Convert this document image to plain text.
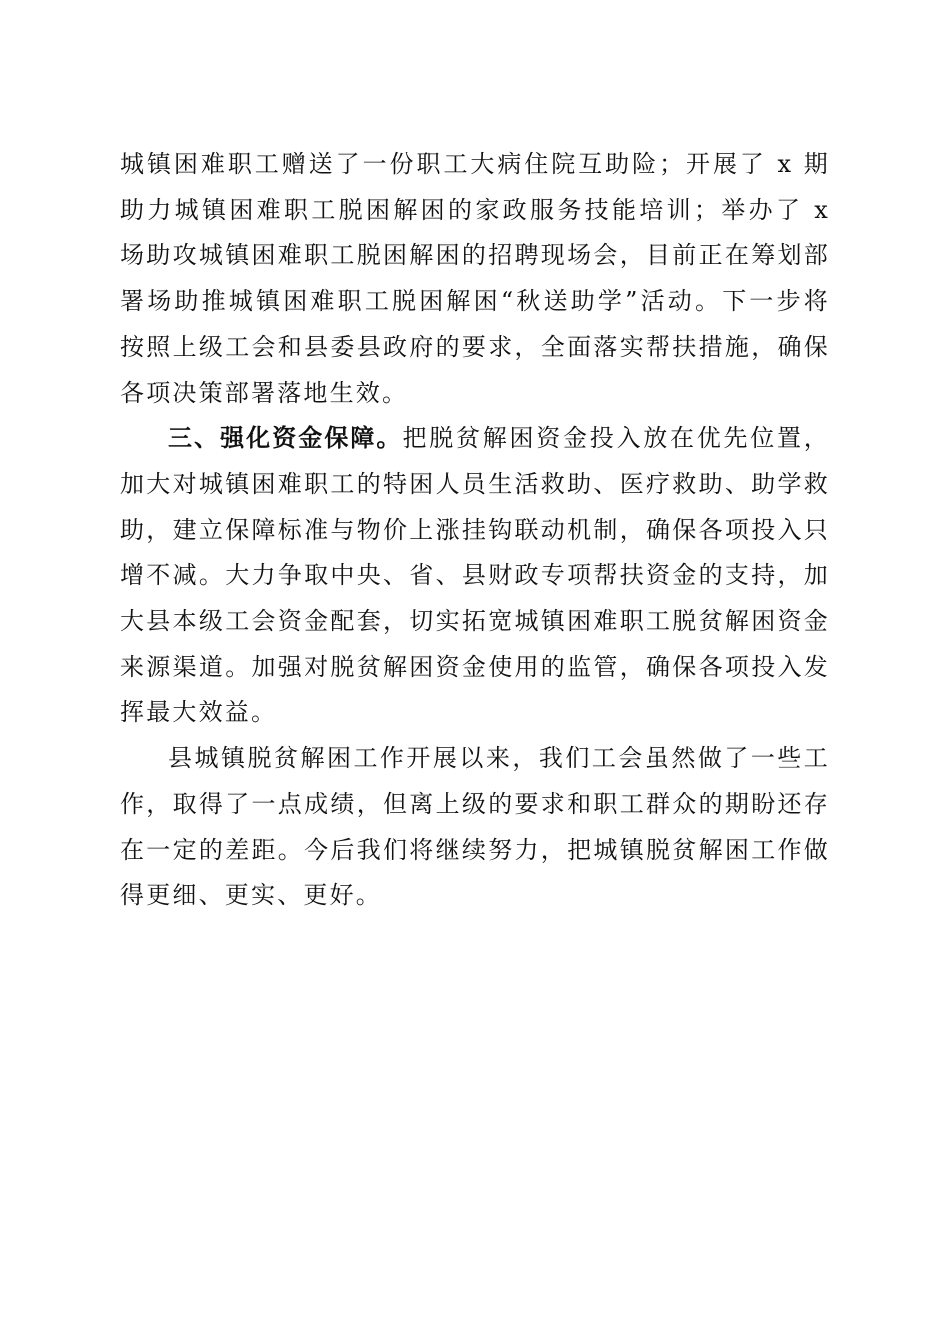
城镇困难职工赠送了一份职工大病住院互助险；开展了 x 期助力城镇困难职工脱困解困的家政服务技能培训；举办了 x 场助攻城镇困难职工脱困解困的招聘现场会，目前正在筹划部署场助推城镇困难职工脱困解困“秋送助学”活动。下一步将按照上级工会和县委县政府的要求，全面落实帮扶措施，确保各项决策部署落地生效。

三、强化资金保障。把脱贫解困资金投入放在优先位置，加大对城镇困难职工的特困人员生活救助、医疗救助、助学救助，建立保障标准与物价上涨挂钩联动机制，确保各项投入只增不减。大力争取中央、省、县财政专项帮扶资金的支持，加大县本级工会资金配套，切实拓宽城镇困难职工脱贫解困资金来源渠道。加强对脱贫解困资金使用的监管，确保各项投入发挥最大效益。

县城镇脱贫解困工作开展以来，我们工会虽然做了一些工作，取得了一点成绩，但离上级的要求和职工群众的期盼还存在一定的差距。今后我们将继续努力，把城镇脱贫解困工作做得更细、更实、更好。
